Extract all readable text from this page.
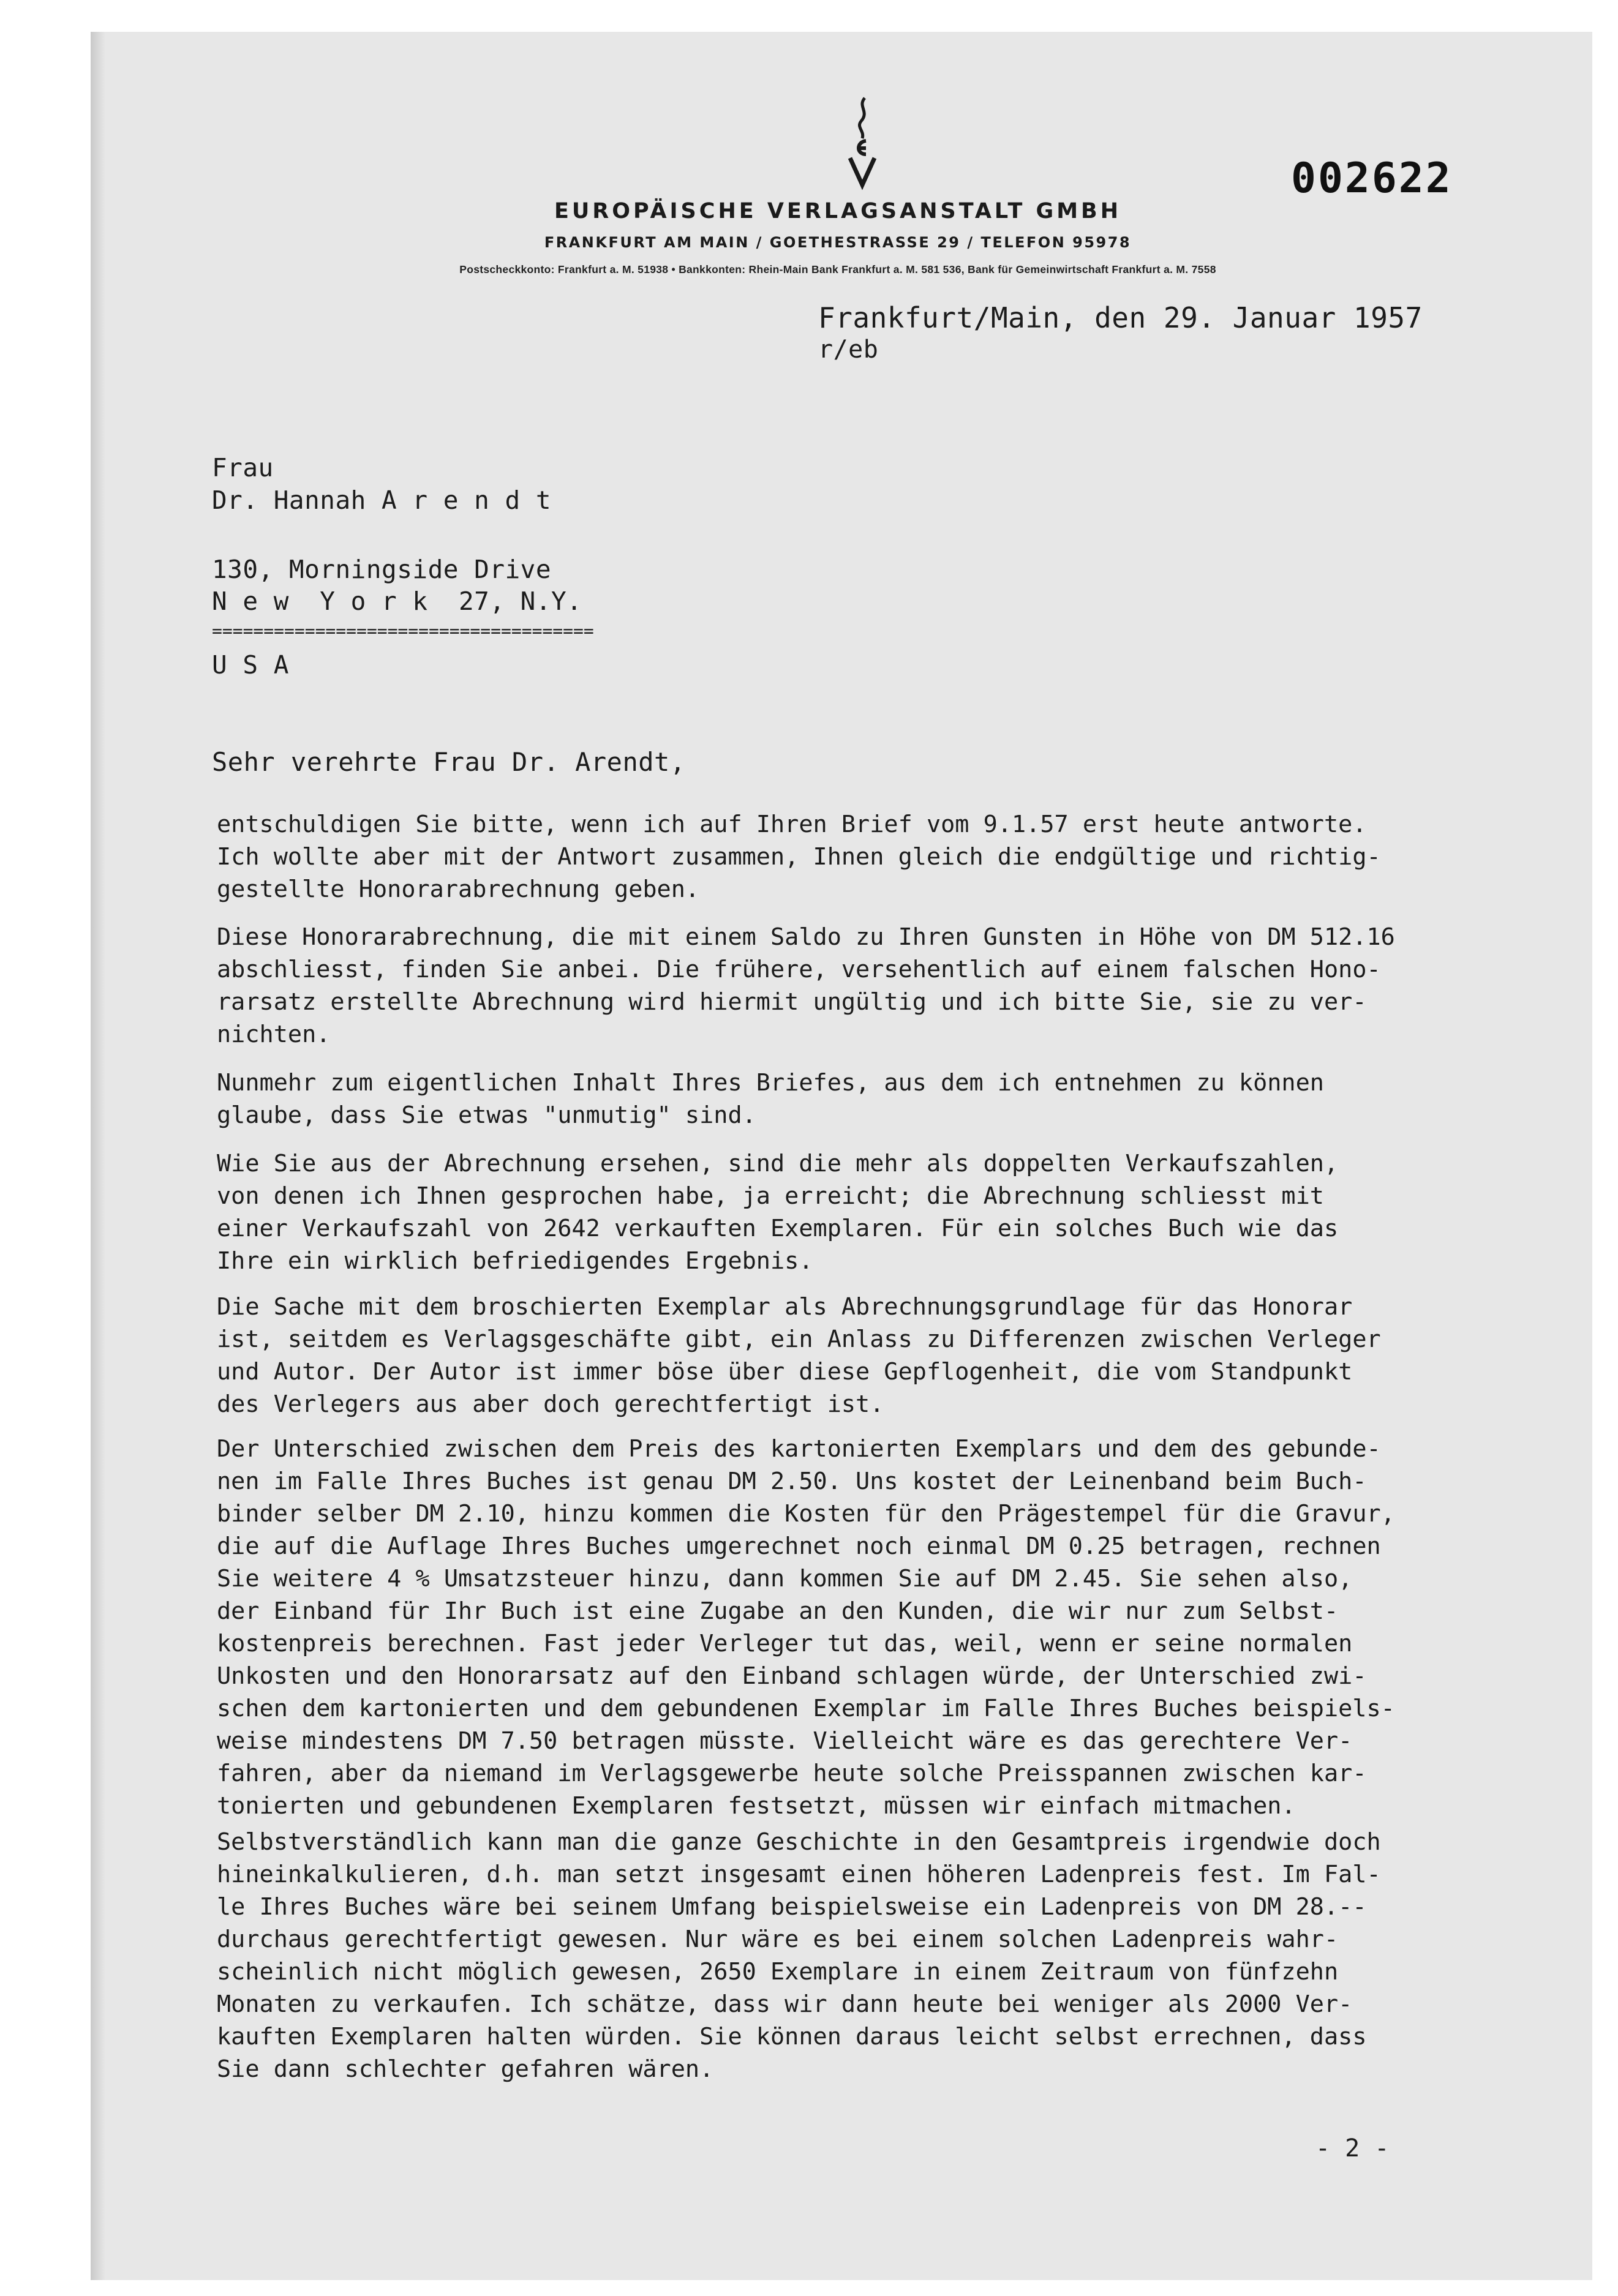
002622

EUROPÄISCHE VERLAGSANSTALT GMBH

FRANKFURT AM MAIN / GOETHESTRASSE 29 / TELEFON 95978

Postscheckkonto: Frankfurt a. M. 51938 • Bankkonten: Rhein-Main Bank Frankfurt a. M. 581 536, Bank für Gemeinwirtschaft Frankfurt a. M. 7558

Frankfurt/Main, den 29. Januar 1957

r/eb

Frau

Dr. Hannah A r e n d t

130, Morningside Drive

N e w  Y o r k  27, N.Y.

=====================================

U S A

Sehr verehrte Frau Dr. Arendt,

entschuldigen Sie bitte, wenn ich auf Ihren Brief vom 9.1.57 erst heute antworte.
Ich wollte aber mit der Antwort zusammen, Ihnen gleich die endgültige und richtig-
gestellte Honorarabrechnung geben.

Diese Honorarabrechnung, die mit einem Saldo zu Ihren Gunsten in Höhe von DM 512.16
abschliesst, finden Sie anbei. Die frühere, versehentlich auf einem falschen Hono-
rarsatz erstellte Abrechnung wird hiermit ungültig und ich bitte Sie, sie zu ver-
nichten.

Nunmehr zum eigentlichen Inhalt Ihres Briefes, aus dem ich entnehmen zu können
glaube, dass Sie etwas "unmutig" sind.

Wie Sie aus der Abrechnung ersehen, sind die mehr als doppelten Verkaufszahlen,
von denen ich Ihnen gesprochen habe, ja erreicht; die Abrechnung schliesst mit
einer Verkaufszahl von 2642 verkauften Exemplaren. Für ein solches Buch wie das
Ihre ein wirklich befriedigendes Ergebnis.

Die Sache mit dem broschierten Exemplar als Abrechnungsgrundlage für das Honorar
ist, seitdem es Verlagsgeschäfte gibt, ein Anlass zu Differenzen zwischen Verleger
und Autor. Der Autor ist immer böse über diese Gepflogenheit, die vom Standpunkt
des Verlegers aus aber doch gerechtfertigt ist.

Der Unterschied zwischen dem Preis des kartonierten Exemplars und dem des gebunde-
nen im Falle Ihres Buches ist genau DM 2.50. Uns kostet der Leinenband beim Buch-
binder selber DM 2.10, hinzu kommen die Kosten für den Prägestempel für die Gravur,
die auf die Auflage Ihres Buches umgerechnet noch einmal DM 0.25 betragen, rechnen
Sie weitere 4 % Umsatzsteuer hinzu, dann kommen Sie auf DM 2.45. Sie sehen also,
der Einband für Ihr Buch ist eine Zugabe an den Kunden, die wir nur zum Selbst-
kostenpreis berechnen. Fast jeder Verleger tut das, weil, wenn er seine normalen
Unkosten und den Honorarsatz auf den Einband schlagen würde, der Unterschied zwi-
schen dem kartonierten und dem gebundenen Exemplar im Falle Ihres Buches beispiels-
weise mindestens DM 7.50 betragen müsste. Vielleicht wäre es das gerechtere Ver-
fahren, aber da niemand im Verlagsgewerbe heute solche Preisspannen zwischen kar-
tonierten und gebundenen Exemplaren festsetzt, müssen wir einfach mitmachen.

Selbstverständlich kann man die ganze Geschichte in den Gesamtpreis irgendwie doch
hineinkalkulieren, d.h. man setzt insgesamt einen höheren Ladenpreis fest. Im Fal-
le Ihres Buches wäre bei seinem Umfang beispielsweise ein Ladenpreis von DM 28.--
durchaus gerechtfertigt gewesen. Nur wäre es bei einem solchen Ladenpreis wahr-
scheinlich nicht möglich gewesen, 2650 Exemplare in einem Zeitraum von fünfzehn
Monaten zu verkaufen. Ich schätze, dass wir dann heute bei weniger als 2000 Ver-
kauften Exemplaren halten würden. Sie können daraus leicht selbst errechnen, dass
Sie dann schlechter gefahren wären.

- 2 -
